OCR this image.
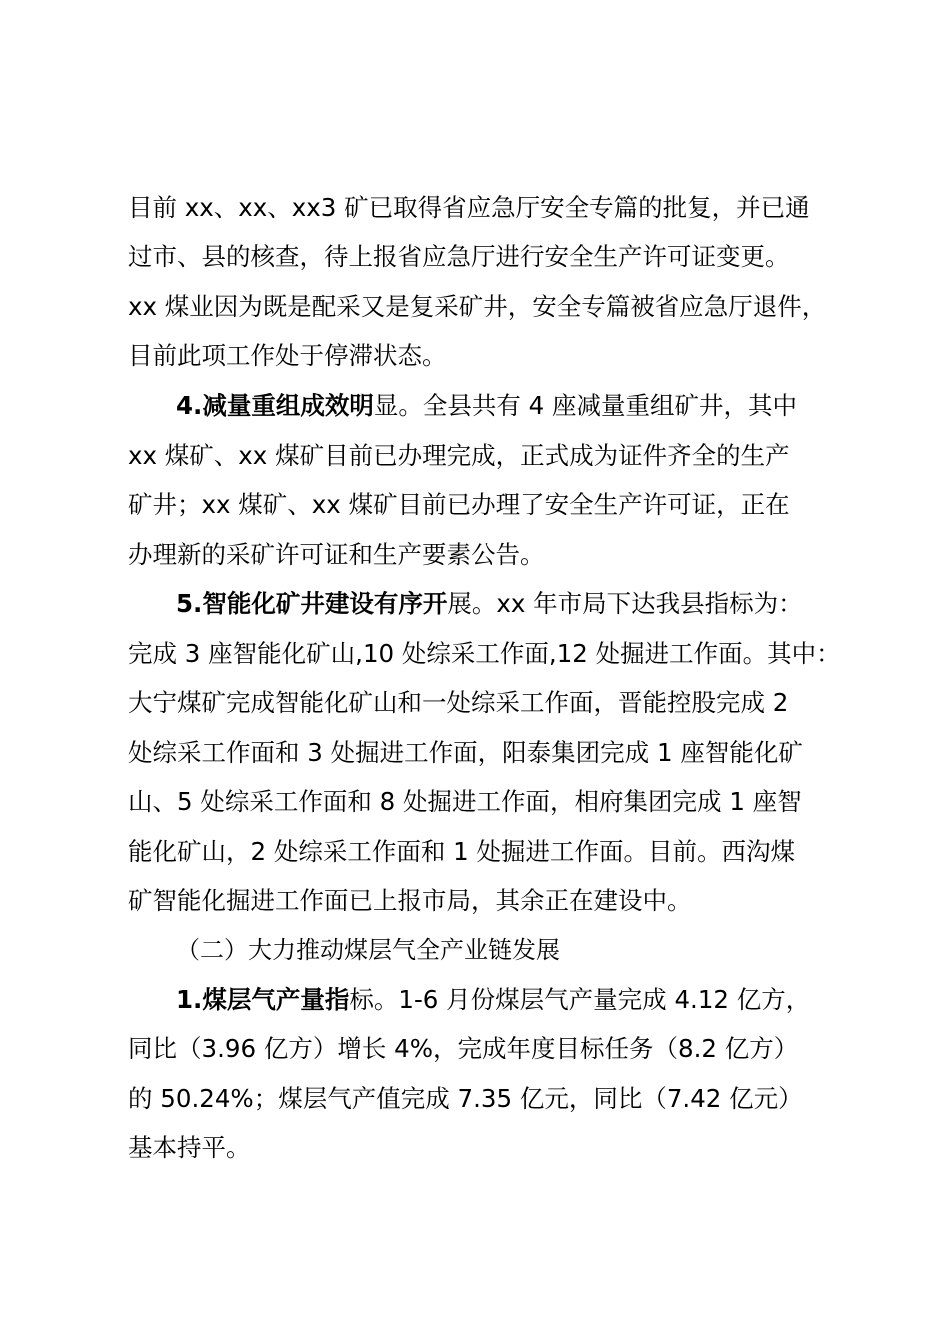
目前 xx、xx、xx3 矿已取得省应急厅安全专篇的批复，并已通
过市、县的核查，待上报省应急厅进行安全生产许可证变更。
xx 煤业因为既是配采又是复采矿井，安全专篇被省应急厅退件，
目前此项工作处于停滞状态。
4.减量重组成效明显。全县共有 4 座减量重组矿井，其中
xx 煤矿、xx 煤矿目前已办理完成，正式成为证件齐全的生产
矿井；xx 煤矿、xx 煤矿目前已办理了安全生产许可证，正在
办理新的采矿许可证和生产要素公告。
5.智能化矿井建设有序开展。xx 年市局下达我县指标为：
完成 3 座智能化矿山,10 处综采工作面,12 处掘进工作面。其中：
大宁煤矿完成智能化矿山和一处综采工作面，晋能控股完成 2
处综采工作面和 3 处掘进工作面，阳泰集团完成 1 座智能化矿
山、5 处综采工作面和 8 处掘进工作面，相府集团完成 1 座智
能化矿山，2 处综采工作面和 1 处掘进工作面。目前。西沟煤
矿智能化掘进工作面已上报市局，其余正在建设中。
（二）大力推动煤层气全产业链发展
1.煤层气产量指标。1-6 月份煤层气产量完成 4.12 亿方，
同比（3.96 亿方）增长 4%，完成年度目标任务（8.2 亿方）
的 50.24%；煤层气产值完成 7.35 亿元，同比（7.42 亿元）
基本持平。
